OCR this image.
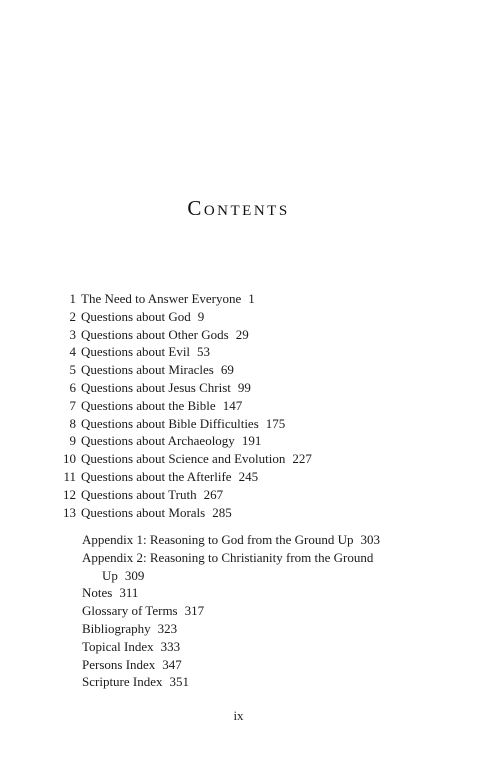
Contents
1 The Need to Answer Everyone 1
2 Questions about God 9
3 Questions about Other Gods 29
4 Questions about Evil 53
5 Questions about Miracles 69
6 Questions about Jesus Christ 99
7 Questions about the Bible 147
8 Questions about Bible Difficulties 175
9 Questions about Archaeology 191
10 Questions about Science and Evolution 227
11 Questions about the Afterlife 245
12 Questions about Truth 267
13 Questions about Morals 285
Appendix 1: Reasoning to God from the Ground Up 303
Appendix 2: Reasoning to Christianity from the Ground
Up 309
Notes 311
Glossary of Terms 317
Bibliography 323
Topical Index 333
Persons Index 347
Scripture Index 351
ix
